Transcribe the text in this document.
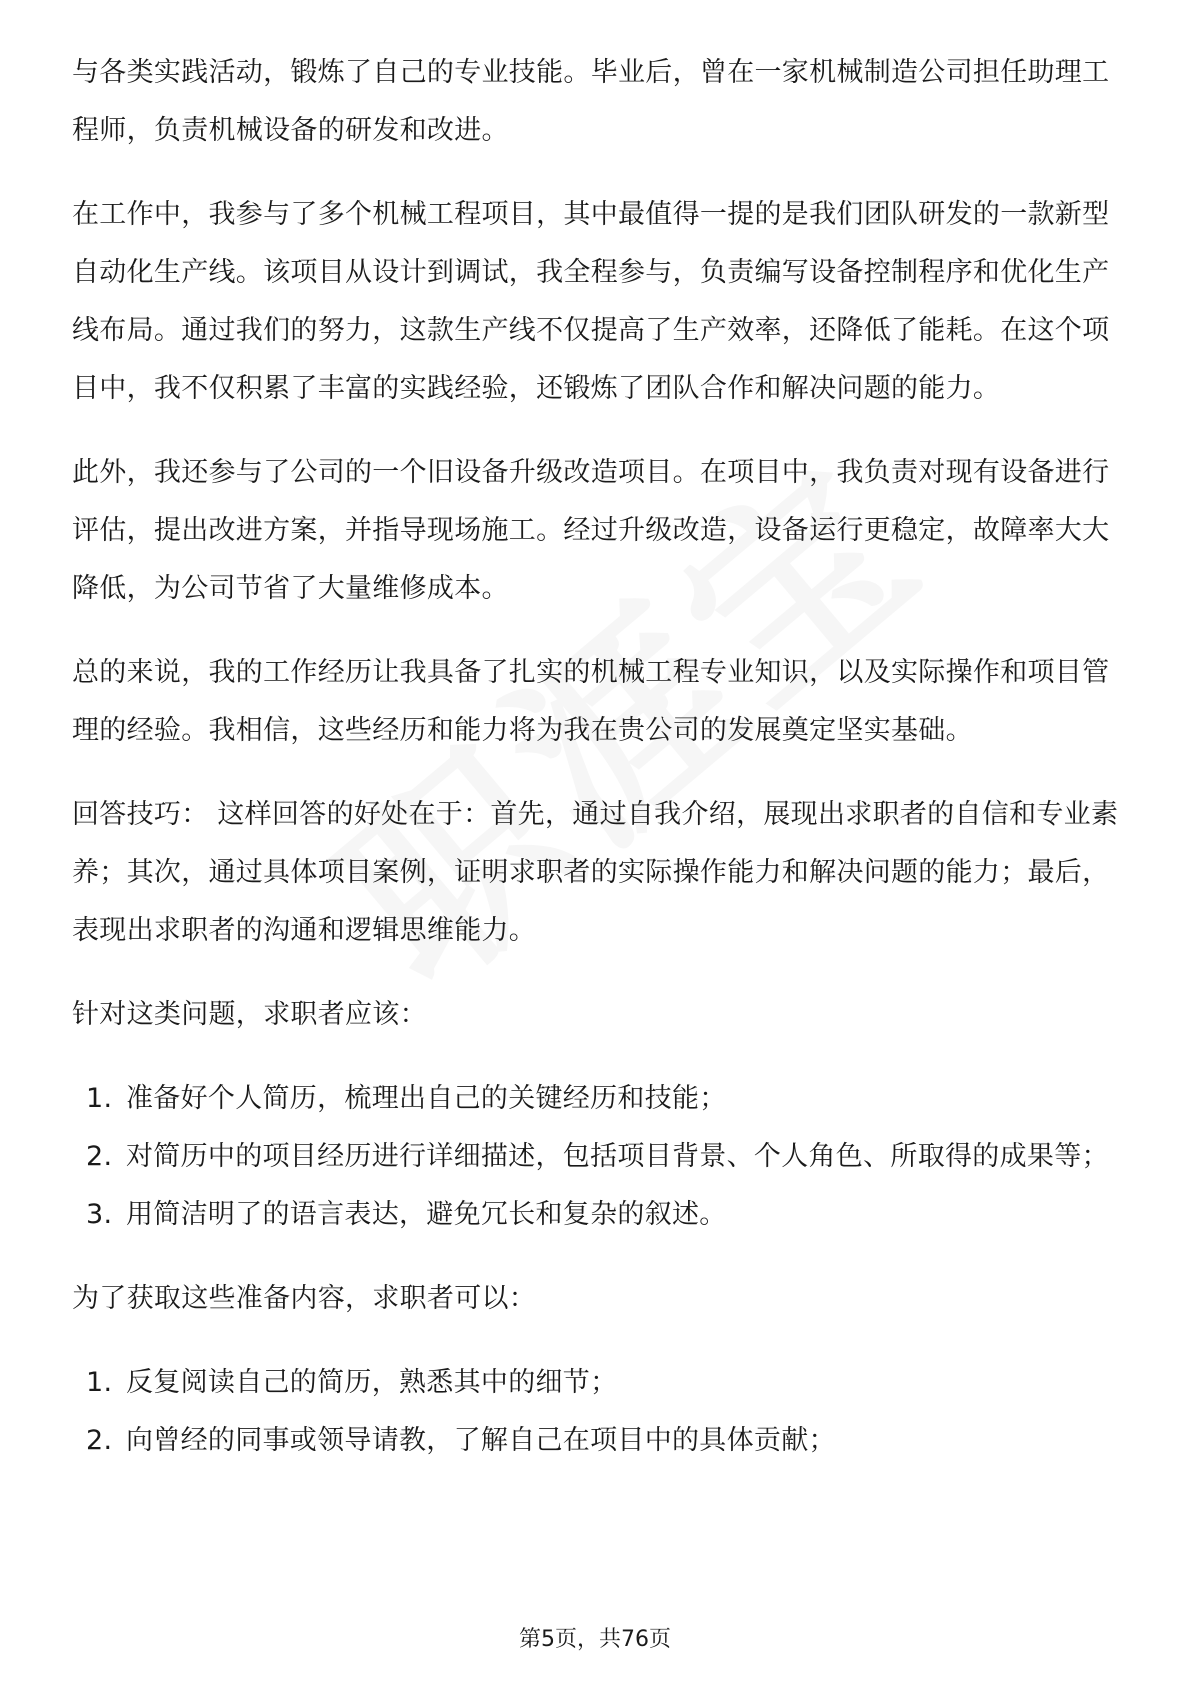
与各类实践活动，锻炼了自己的专业技能。毕业后，曾在一家机械制造公司担任助理工程师，负责机械设备的研发和改进。

在工作中，我参与了多个机械工程项目，其中最值得一提的是我们团队研发的一款新型自动化生产线。该项目从设计到调试，我全程参与，负责编写设备控制程序和优化生产线布局。通过我们的努力，这款生产线不仅提高了生产效率，还降低了能耗。在这个项目中，我不仅积累了丰富的实践经验，还锻炼了团队合作和解决问题的能力。

此外，我还参与了公司的一个旧设备升级改造项目。在项目中，我负责对现有设备进行评估，提出改进方案，并指导现场施工。经过升级改造，设备运行更稳定，故障率大大降低，为公司节省了大量维修成本。

总的来说，我的工作经历让我具备了扎实的机械工程专业知识，以及实际操作和项目管理的经验。我相信，这些经历和能力将为我在贵公司的发展奠定坚实基础。

回答技巧： 这样回答的好处在于：首先，通过自我介绍，展现出求职者的自信和专业素养；其次，通过具体项目案例，证明求职者的实际操作能力和解决问题的能力；最后，表现出求职者的沟通和逻辑思维能力。

针对这类问题，求职者应该：

1. 准备好个人简历，梳理出自己的关键经历和技能；
2. 对简历中的项目经历进行详细描述，包括项目背景、个人角色、所取得的成果等；
3. 用简洁明了的语言表达，避免冗长和复杂的叙述。

为了获取这些准备内容，求职者可以：

1. 反复阅读自己的简历，熟悉其中的细节；
2. 向曾经的同事或领导请教，了解自己在项目中的具体贡献；
第5页，共76页
